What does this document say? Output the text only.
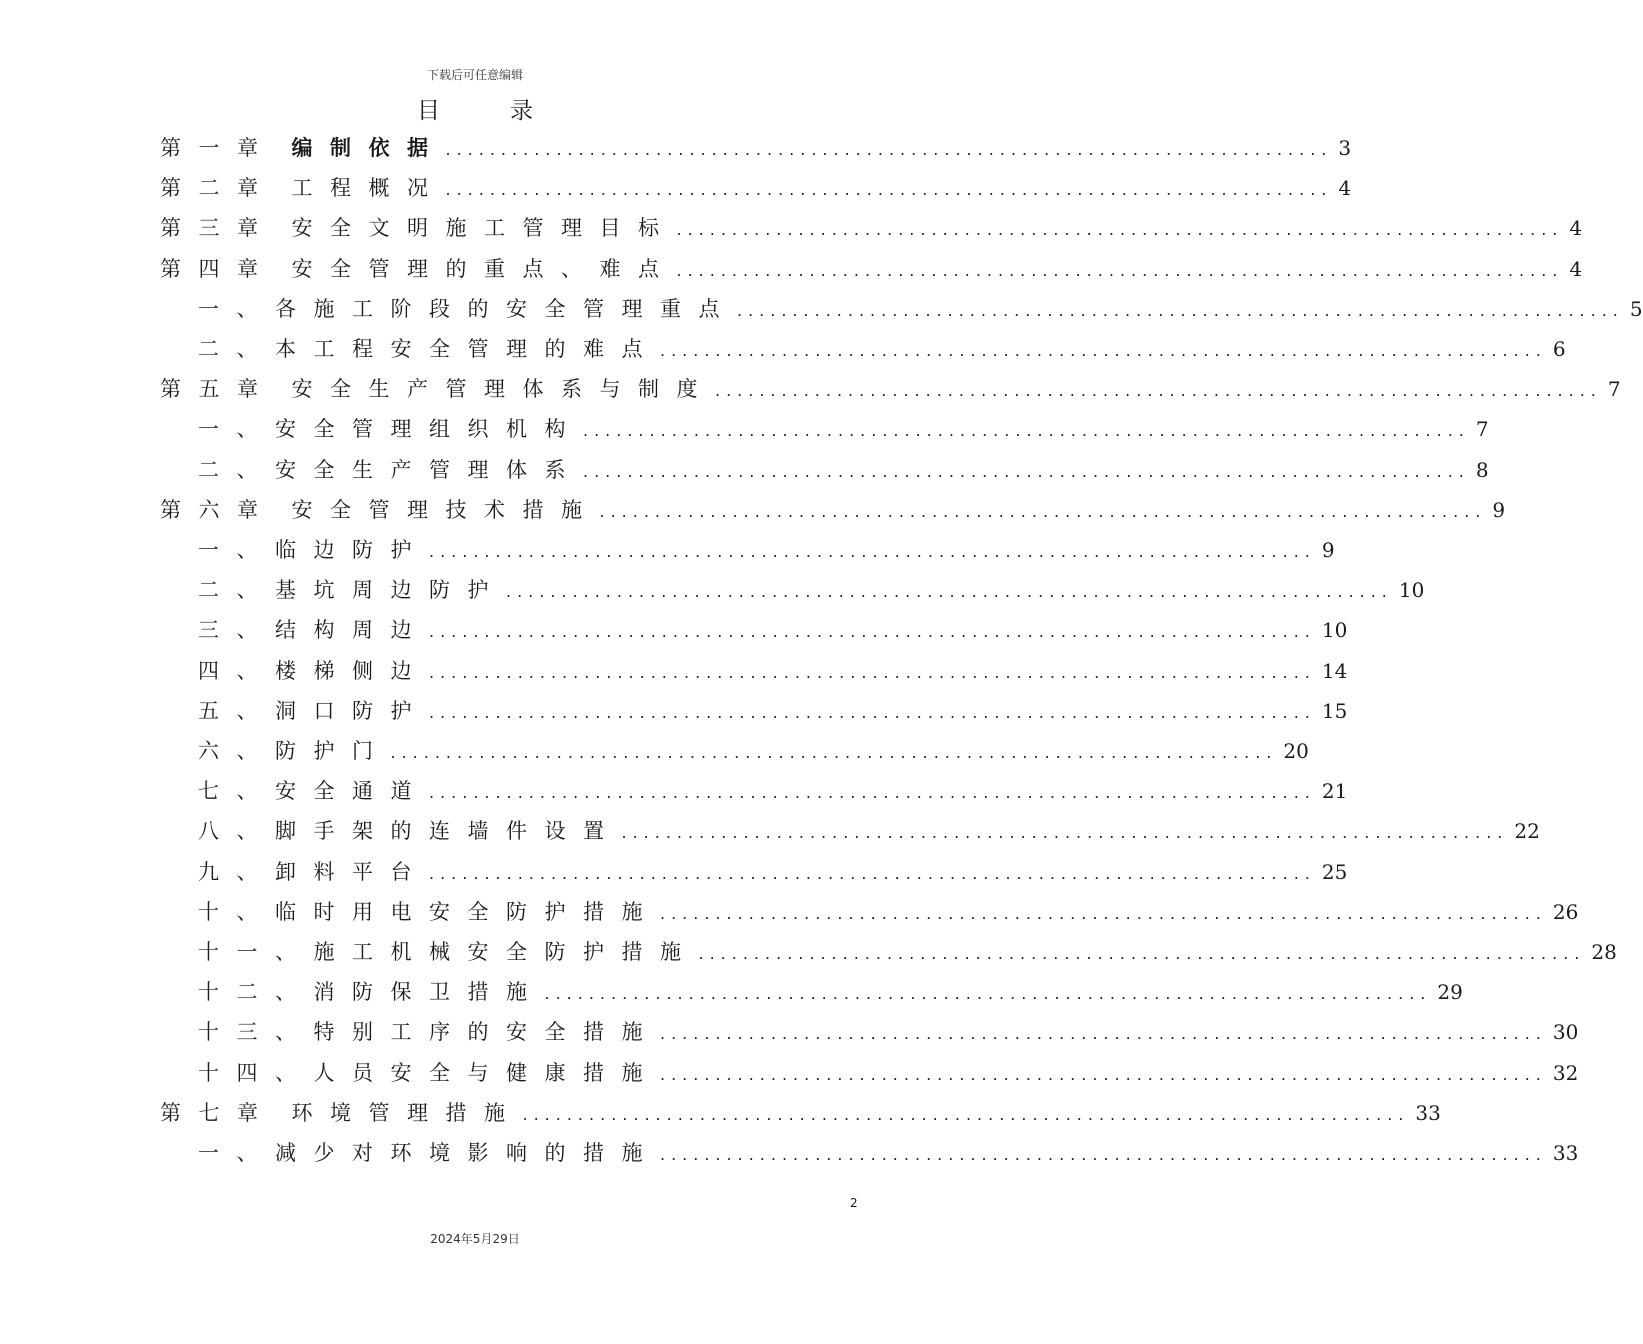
下载后可任意编辑
目录
第一章 编制依据 ................................................................................ 3
第二章 工程概况 ................................................................................ 4
第三章 安全文明施工管理目标 ................................................................................ 4
第四章 安全管理的重点、难点 ................................................................................ 4
一、各施工阶段的安全管理重点 ................................................................................ 5
二、本工程安全管理的难点 ................................................................................ 6
第五章 安全生产管理体系与制度 ................................................................................ 7
一、安全管理组织机构 ................................................................................ 7
二、安全生产管理体系 ................................................................................ 8
第六章 安全管理技术措施 ................................................................................ 9
一、临边防护 ................................................................................ 9
二、基坑周边防护 ................................................................................ 10
三、结构周边 ................................................................................ 10
四、楼梯侧边 ................................................................................ 14
五、洞口防护 ................................................................................ 15
六、防护门 ................................................................................ 20
七、安全通道 ................................................................................ 21
八、脚手架的连墙件设置 ................................................................................ 22
九、卸料平台 ................................................................................ 25
十、临时用电安全防护措施 ................................................................................ 26
十一、施工机械安全防护措施 ................................................................................ 28
十二、消防保卫措施 ................................................................................ 29
十三、特别工序的安全措施 ................................................................................ 30
十四、人员安全与健康措施 ................................................................................ 32
第七章 环境管理措施 ................................................................................ 33
一、减少对环境影响的措施 ................................................................................ 33
2
2024年5月29日
